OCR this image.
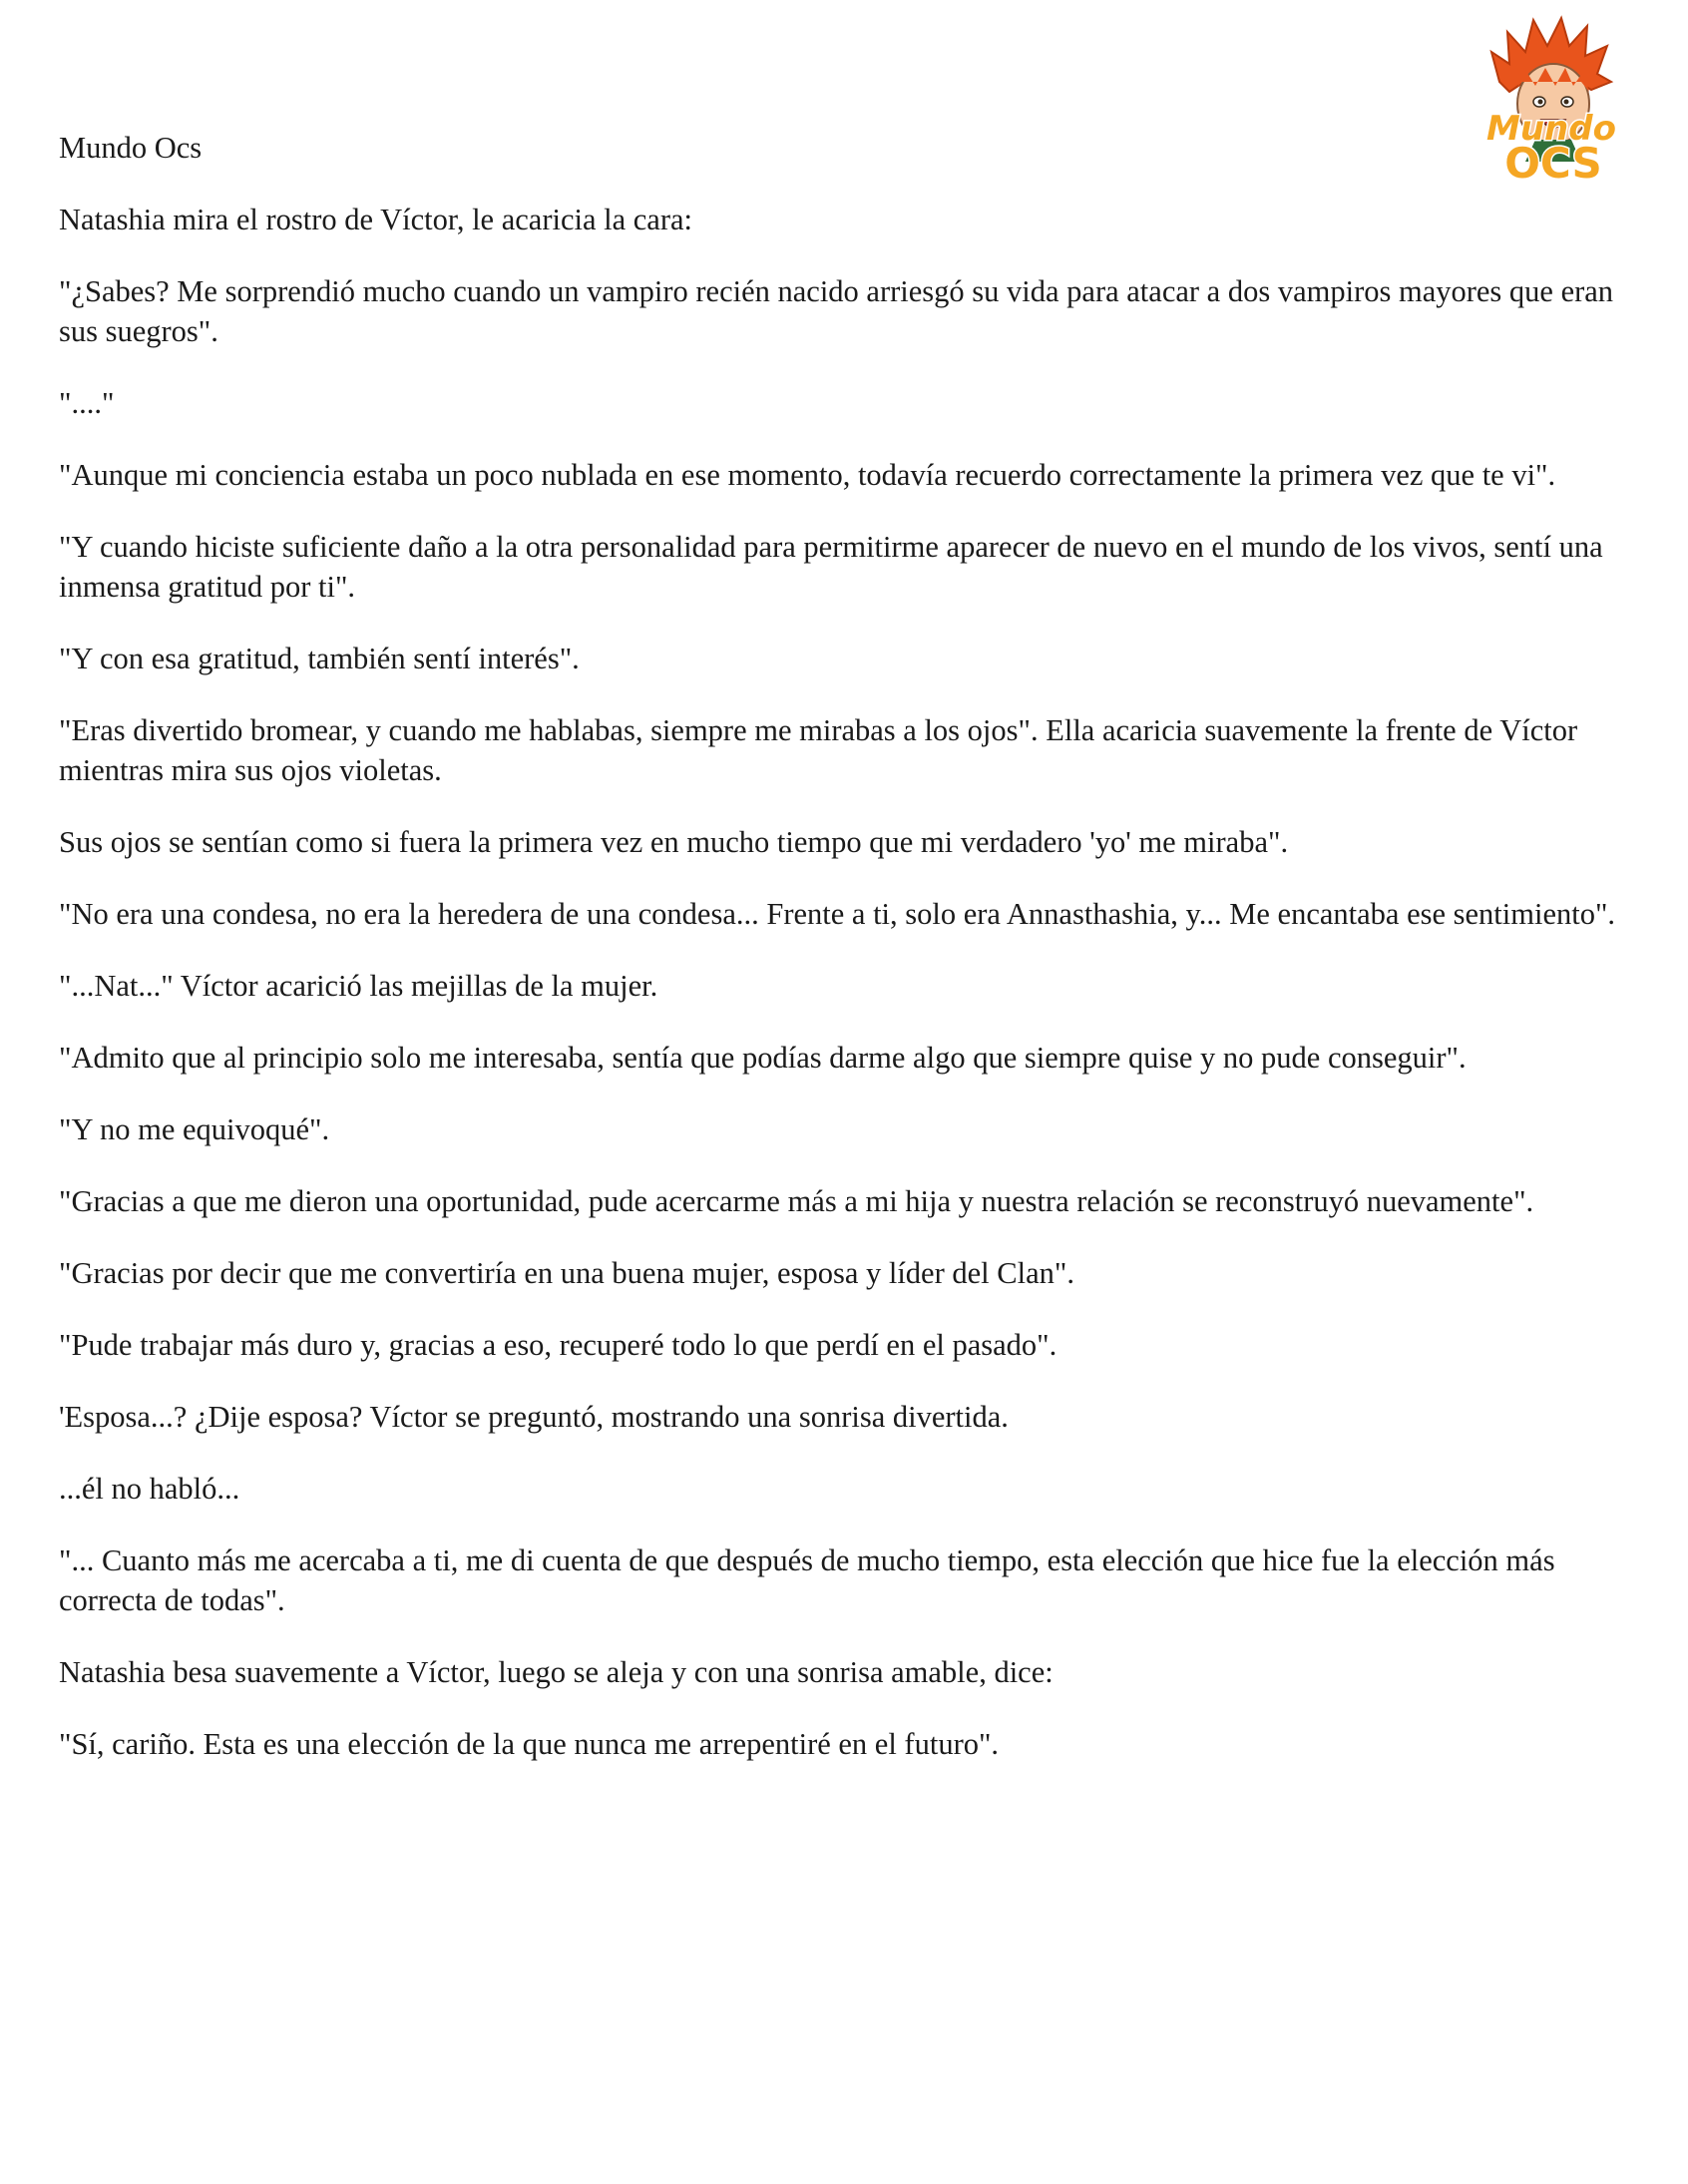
Mundo
OCS

Mundo Ocs

Natashia mira el rostro de Víctor, le acaricia la cara:

"¿Sabes? Me sorprendió mucho cuando un vampiro recién nacido arriesgó su vida para atacar a dos vampiros mayores que eran sus suegros".

"...."

"Aunque mi conciencia estaba un poco nublada en ese momento, todavía recuerdo correctamente la primera vez que te vi".

"Y cuando hiciste suficiente daño a la otra personalidad para permitirme aparecer de nuevo en el mundo de los vivos, sentí una inmensa gratitud por ti".

"Y con esa gratitud, también sentí interés".

"Eras divertido bromear, y cuando me hablabas, siempre me mirabas a los ojos". Ella acaricia suavemente la frente de Víctor mientras mira sus ojos violetas.

Sus ojos se sentían como si fuera la primera vez en mucho tiempo que mi verdadero 'yo' me miraba".

"No era una condesa, no era la heredera de una condesa... Frente a ti, solo era Annasthashia, y... Me encantaba ese sentimiento".

"...Nat..." Víctor acarició las mejillas de la mujer.

"Admito que al principio solo me interesaba, sentía que podías darme algo que siempre quise y no pude conseguir".

"Y no me equivoqué".

"Gracias a que me dieron una oportunidad, pude acercarme más a mi hija y nuestra relación se reconstruyó nuevamente".

"Gracias por decir que me convertiría en una buena mujer, esposa y líder del Clan".

"Pude trabajar más duro y, gracias a eso, recuperé todo lo que perdí en el pasado".

'Esposa...? ¿Dije esposa? Víctor se preguntó, mostrando una sonrisa divertida.

...él no habló...

"... Cuanto más me acercaba a ti, me di cuenta de que después de mucho tiempo, esta elección que hice fue la elección más correcta de todas".

Natashia besa suavemente a Víctor, luego se aleja y con una sonrisa amable, dice:

"Sí, cariño. Esta es una elección de la que nunca me arrepentiré en el futuro".
